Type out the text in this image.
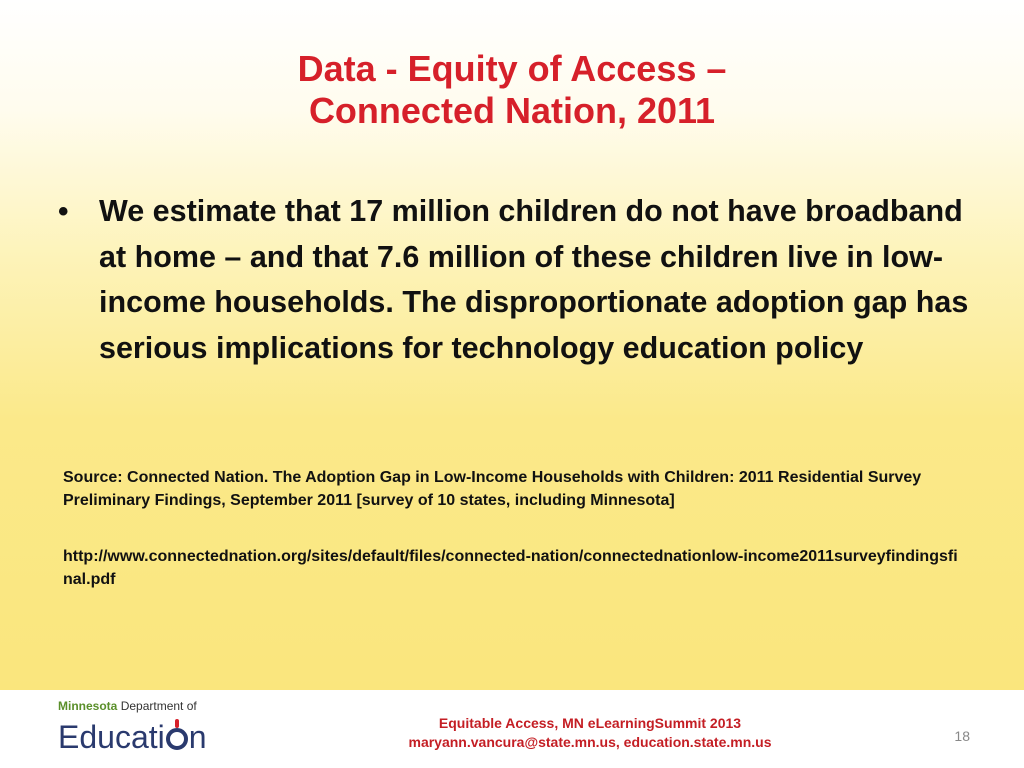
Data - Equity of Access –
Connected Nation, 2011
• We estimate that 17 million children do not have broadband at home – and that 7.6 million of these children live in low-income households. The disproportionate adoption gap has serious implications for technology education policy

Source: Connected Nation. The Adoption Gap in Low-Income Households with Children: 2011 Residential Survey Preliminary Findings, September 2011 [survey of 10 states, including Minnesota]

http://www.connectednation.org/sites/default/files/connected-nation/connectednationlow-income2011surveyfindingsfinal.pdf

Minnesota Department of
Educati n	Equitable Access, MN eLearningSummit 2013
maryann.vancura@state.mn.us, education.state.mn.us	18
